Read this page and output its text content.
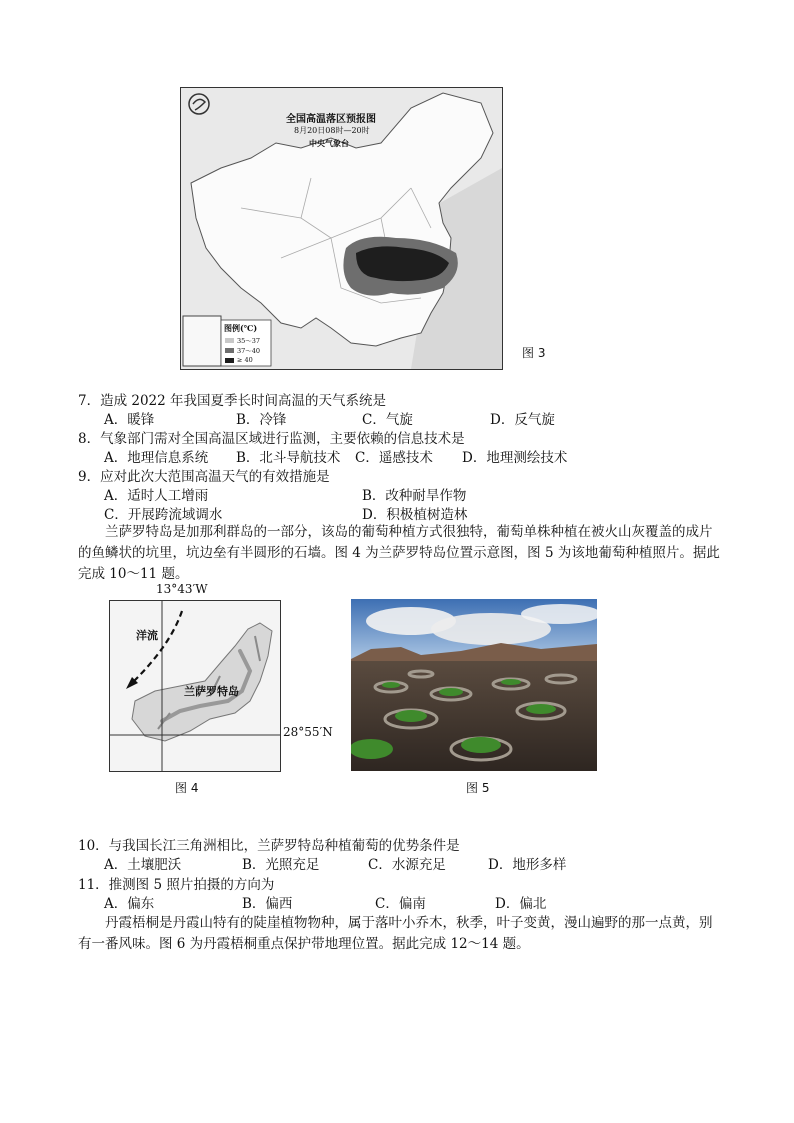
全国高温落区预报图
8月20日08时—20时
中央气象台
图例(℃)
35～37
37～40
≥ 40	图 3
7．造成 2022 年我国夏季长时间高温的天气系统是
A．暖锋	B．冷锋	C．气旋	D．反气旋
8．气象部门需对全国高温区域进行监测，主要依赖的信息技术是
A．地理信息系统 B．北斗导航技术 C．遥感技术 D．地理测绘技术
9．应对此次大范围高温天气的有效措施是
A．适时人工增雨	B．改种耐旱作物
C．开展跨流域调水	D．积极植树造林
兰萨罗特岛是加那利群岛的一部分，该岛的葡萄种植方式很独特，葡萄单株种植在被火山灰覆盖的成片的鱼鳞状的坑里，坑边垒有半圆形的石墙。图 4 为兰萨罗特岛位置示意图，图 5 为该地葡萄种植照片。据此完成 10～11 题。
13°43′W
洋流
兰萨罗特岛
28°55′N
图 4	图 5
10．与我国长江三角洲相比，兰萨罗特岛种植葡萄的优势条件是
A．土壤肥沃	B．光照充足	C．水源充足	D．地形多样
11．推测图 5 照片拍摄的方向为
A．偏东	B．偏西	C．偏南	D．偏北
丹霞梧桐是丹霞山特有的陡崖植物物种，属于落叶小乔木，秋季，叶子变黄，漫山遍野的那一点黄，别有一番风味。图 6 为丹霞梧桐重点保护带地理位置。据此完成 12～14 题。
